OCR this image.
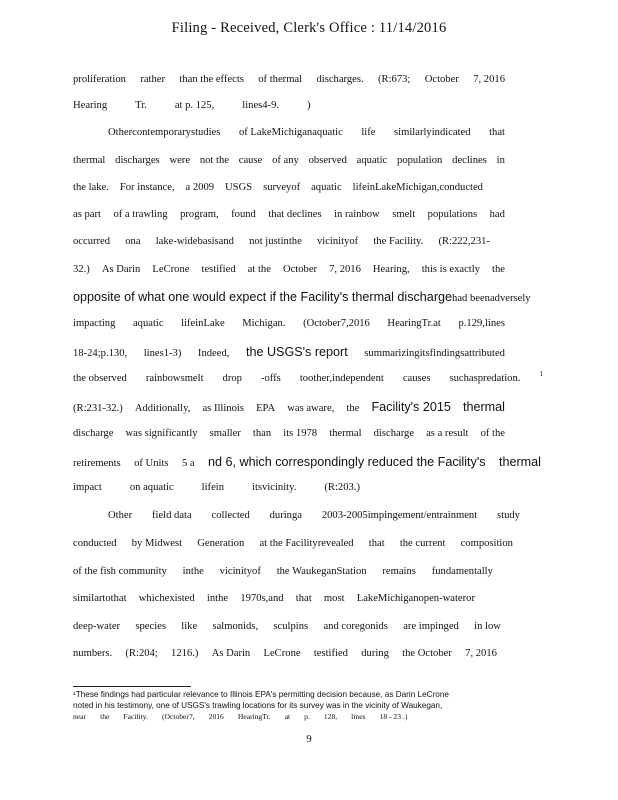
Filing - Received, Clerk's Office : 11/14/2016
proliferation rather than the effects of thermal discharges. (R:673; October 7, 2016
Hearing	Tr.	at p. 125,	lines4-9.	)
Othercontemporarystudies of LakeMichiganaquatic life similarlyindicated that
thermal discharges were not the cause of any observed aquatic population declines in
the lake. For instance, a 2009 USGS surveyof aquatic lifeinLakeMichigan,conducted
as part of a trawling program, found that declines in rainbow smelt populations had
occurred ona lake-widebasisand not justinthe vicinityof the Facility. (R:222,231-
32.) As Darin LeCrone testified at the October 7, 2016 Hearing, this is exactly the
opposite of what one would expect if the Facility's thermal discharge had been adversely
impacting aquatic lifeinLake Michigan. (October7,2016 HearingTr.at p.129,lines
18-24;p.130, lines1-3) Indeed, the USGS's report summarizingitsfindingsattributed
the observed rainbowsmelt drop -offs toother,independent causes suchaspredation.	1
(R:231-32.) Additionally, as Illinois EPA was aware, the Facility's 2015 thermal
discharge was significantly smaller than its 1978 thermal discharge as a result of the
retirements of Units 5 a nd 6, which correspondingly reduced the Facility's thermal
impact	on aquatic	lifein	itsvicinity.	(R:203.)
Other field data collected duringa 2003-2005impingement/entrainment study
conducted by Midwest Generation at the Facilityrevealed that the current composition
of the fish community inthe vicinityof the WaukeganStation remains fundamentally
similartothat whichexisted inthe 1970s,and that most LakeMichiganopen-wateror
deep-water species like salmonids, sculpins and coregonids are impinged in low
numbers. (R:204; 1216.) As Darin LeCrone testified during the October 7, 2016
¹These findings had particular relevance to Illinois EPA's permitting decision because, as Darin LeCrone
noted in his testimony, one of USGS's trawling locations for its survey was in the vicinity of Waukegan,
near the Facility. (October7, 2016 HearingTr. at p. 128, lines 18 - 23 .)
9
